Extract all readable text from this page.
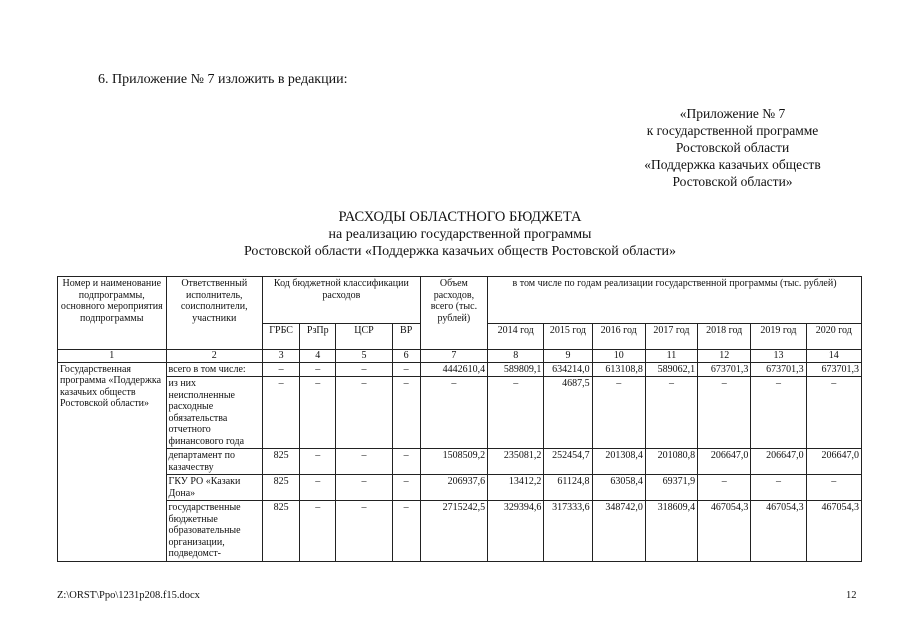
6. Приложение № 7 изложить в редакции:
«Приложение № 7
к государственной программе
Ростовской области
«Поддержка казачьих обществ
Ростовской области»
РАСХОДЫ ОБЛАСТНОГО БЮДЖЕТА
на реализацию государственной программы
Ростовской области «Поддержка казачьих обществ Ростовской области»
Номер и наименование подпрограммы, основного мероприятия подпрограммы	Ответственный исполнитель, соисполнители, участники	Код бюджетной классификации расходов				Объем расходов, всего (тыс. рублей)	в том числе по годам реализации государственной программы (тыс. рублей)						
		ГРБС	РзПр	ЦСР	ВР		2014 год	2015 год	2016 год	2017 год	2018 год	2019 год	2020 год
1	2	3	4	5	6	7	8	9	10	11	12	13	14
Государственная программа «Поддержка казачьих обществ Ростовской области»	всего в том числе:	–	–	–	–	4442610,4	589809,1	634214,0	613108,8	589062,1	673701,3	673701,3	673701,3
	из них неисполненные расходные обязательства отчетного финансового года	–	–	–	–	–	–	4687,5	–	–	–	–	–
	департамент по казачеству	825	–	–	–	1508509,2	235081,2	252454,7	201308,4	201080,8	206647,0	206647,0	206647,0
	ГКУ РО «Казаки Дона»	825	–	–	–	206937,6	13412,2	61124,8	63058,4	69371,9	–	–	–
	государственные бюджетные образовательные организации, подведомст-	825	–	–	–	2715242,5	329394,6	317333,6	348742,0	318609,4	467054,3	467054,3	467054,3
Z:\ORST\Ppo\1231p208.f15.docx	12
